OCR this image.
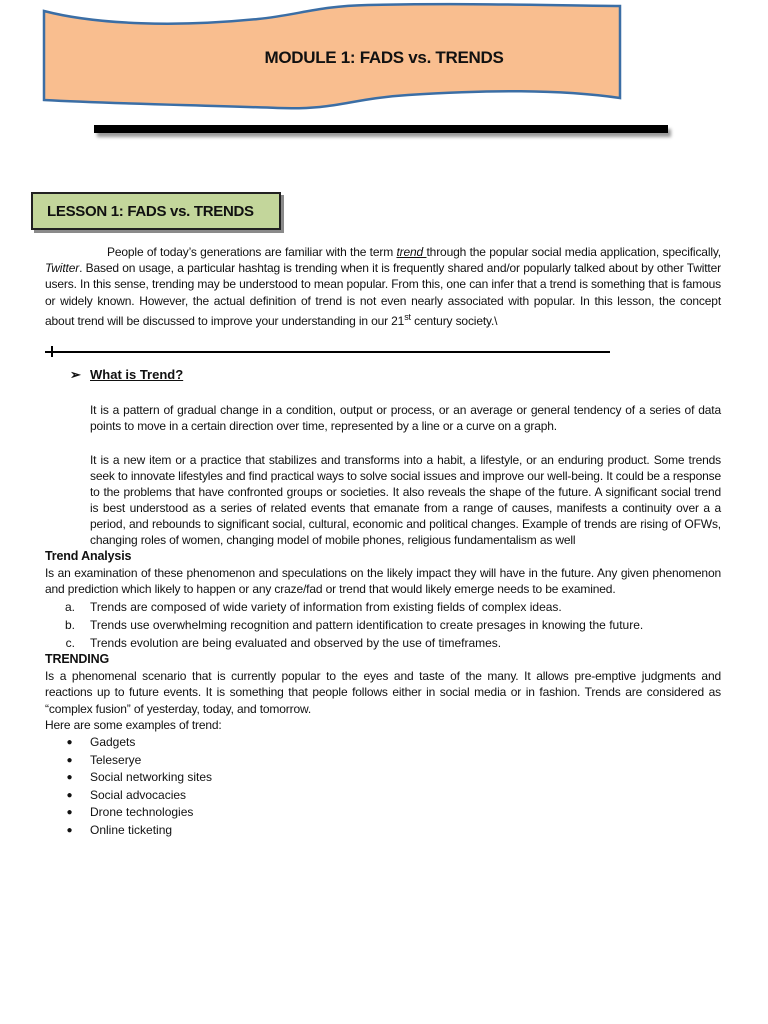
MODULE 1: FADS vs. TRENDS
LESSON 1: FADS vs. TRENDS
People of today’s generations are familiar with the term trend through the popular social media application, specifically, Twitter. Based on usage, a particular hashtag is trending when it is frequently shared and/or popularly talked about by other Twitter users. In this sense, trending may be understood to mean popular. From this, one can infer that a trend is something that is famous or widely known. However, the actual definition of trend is not even nearly associated with popular. In this lesson, the concept about trend will be discussed to improve your understanding in our 21st century society.\
➢ What is Trend?
It is a pattern of gradual change in a condition, output or process, or an average or general tendency of a series of data points to move in a certain direction over time, represented by a line or a curve on a graph.
It is a new item or a practice that stabilizes and transforms into a habit, a lifestyle, or an enduring product. Some trends seek to innovate lifestyles and find practical ways to solve social issues and improve our well-being. It could be a response to the problems that have confronted groups or societies. It also reveals the shape of the future. A significant social trend is best understood as a series of related events that emanate from a range of causes, manifests a continuity over a a period, and rebounds to significant social, cultural, economic and political changes. Example of trends are rising of OFWs, changing roles of women, changing model of mobile phones, religious fundamentalism as well
Trend Analysis
Is an examination of these phenomenon and speculations on the likely impact they will have in the future. Any given phenomenon and prediction which likely to happen or any craze/fad or trend that would likely emerge needs to be examined.
a.	Trends are composed of wide variety of information from existing fields of complex ideas.
b.	Trends use overwhelming recognition and pattern identification to create presages in knowing the future.
c.	Trends evolution are being evaluated and observed by the use of timeframes.
TRENDING
Is a phenomenal scenario that is currently popular to the eyes and taste of the many. It allows pre-emptive judgments and reactions up to future events. It is something that people follows either in social media or in fashion. Trends are considered as “complex fusion” of yesterday, today, and tomorrow.
Here are some examples of trend:
●	Gadgets
●	Teleserye
●	Social networking sites
●	Social advocacies
●	Drone technologies
●	Online ticketing
